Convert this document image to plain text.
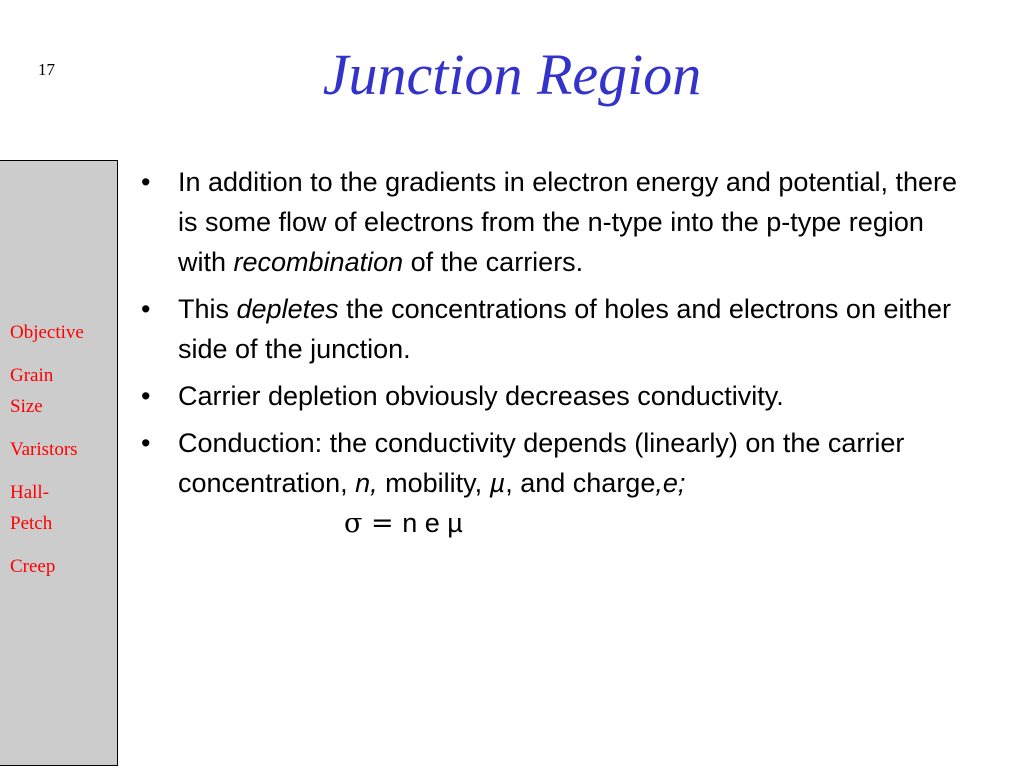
17	Junction Region
Objective
Grain Size
Varistors
Hall-Petch
Creep
• In addition to the gradients in electron energy and potential, there is some flow of electrons from the n-type into the p-type region with recombination of the carriers.
• This depletes the concentrations of holes and electrons on either side of the junction.
• Carrier depletion obviously decreases conductivity.
• Conduction: the conductivity depends (linearly) on the carrier concentration, n, mobility, µ, and charge,e;
σ = n e µ
